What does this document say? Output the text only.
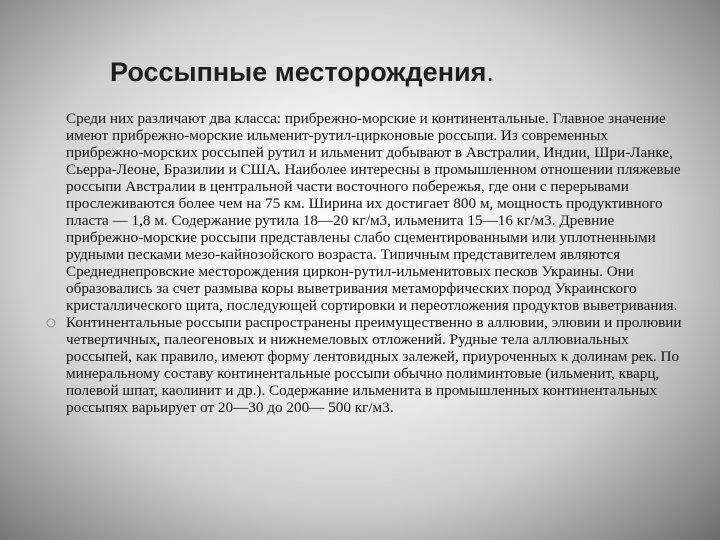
Россыпные месторождения.

Среди них различают два класса: прибрежно-морские и континентальные. Главное значение имеют прибрежно-морские ильменит-рутил-цирконовые россыпи. Из современных прибрежно-морских россыпей рутил и ильменит добывают в Австралии, Индии, Шри-Ланке, Сьерра-Леоне, Бразилии и США. Наиболее интересны в промышленном отношении пляжевые россыпи Австралии в центральной части восточного побережья, где они с перерывами прослеживаются более чем на 75 км. Ширина их достигает 800 м, мощность продуктивного пласта — 1,8 м. Содержание рутила 18—20 кг/м3, ильменита 15—16 кг/м3. Древние прибрежно-морские россыпи представлены слабо сцементированными или уплотненными рудными песками мезо-кайнозойского возраста. Типичным представителем являются Среднеднепровские месторождения циркон-рутил-ильменитовых песков Украины. Они образовались за счет размыва коры выветривания метаморфических пород Украинского кристаллического щита, последующей сортировки и переотложения продуктов выветривания.

Континентальные россыпи распространены преимущественно в аллювии, элювии и пролювии четвертичных, палеогеновых и нижнемеловых отложений. Рудные тела аллювиальных россыпей, как правило, имеют форму лентовидных залежей, приуроченных к долинам рек. По минеральному составу континентальные россыпи обычно полиминтовые (ильменит, кварц, полевой шпат, каолинит и др.). Содержание ильменита в промышленных континентальных россыпях варьирует от 20—30 до 200— 500 кг/м3.
